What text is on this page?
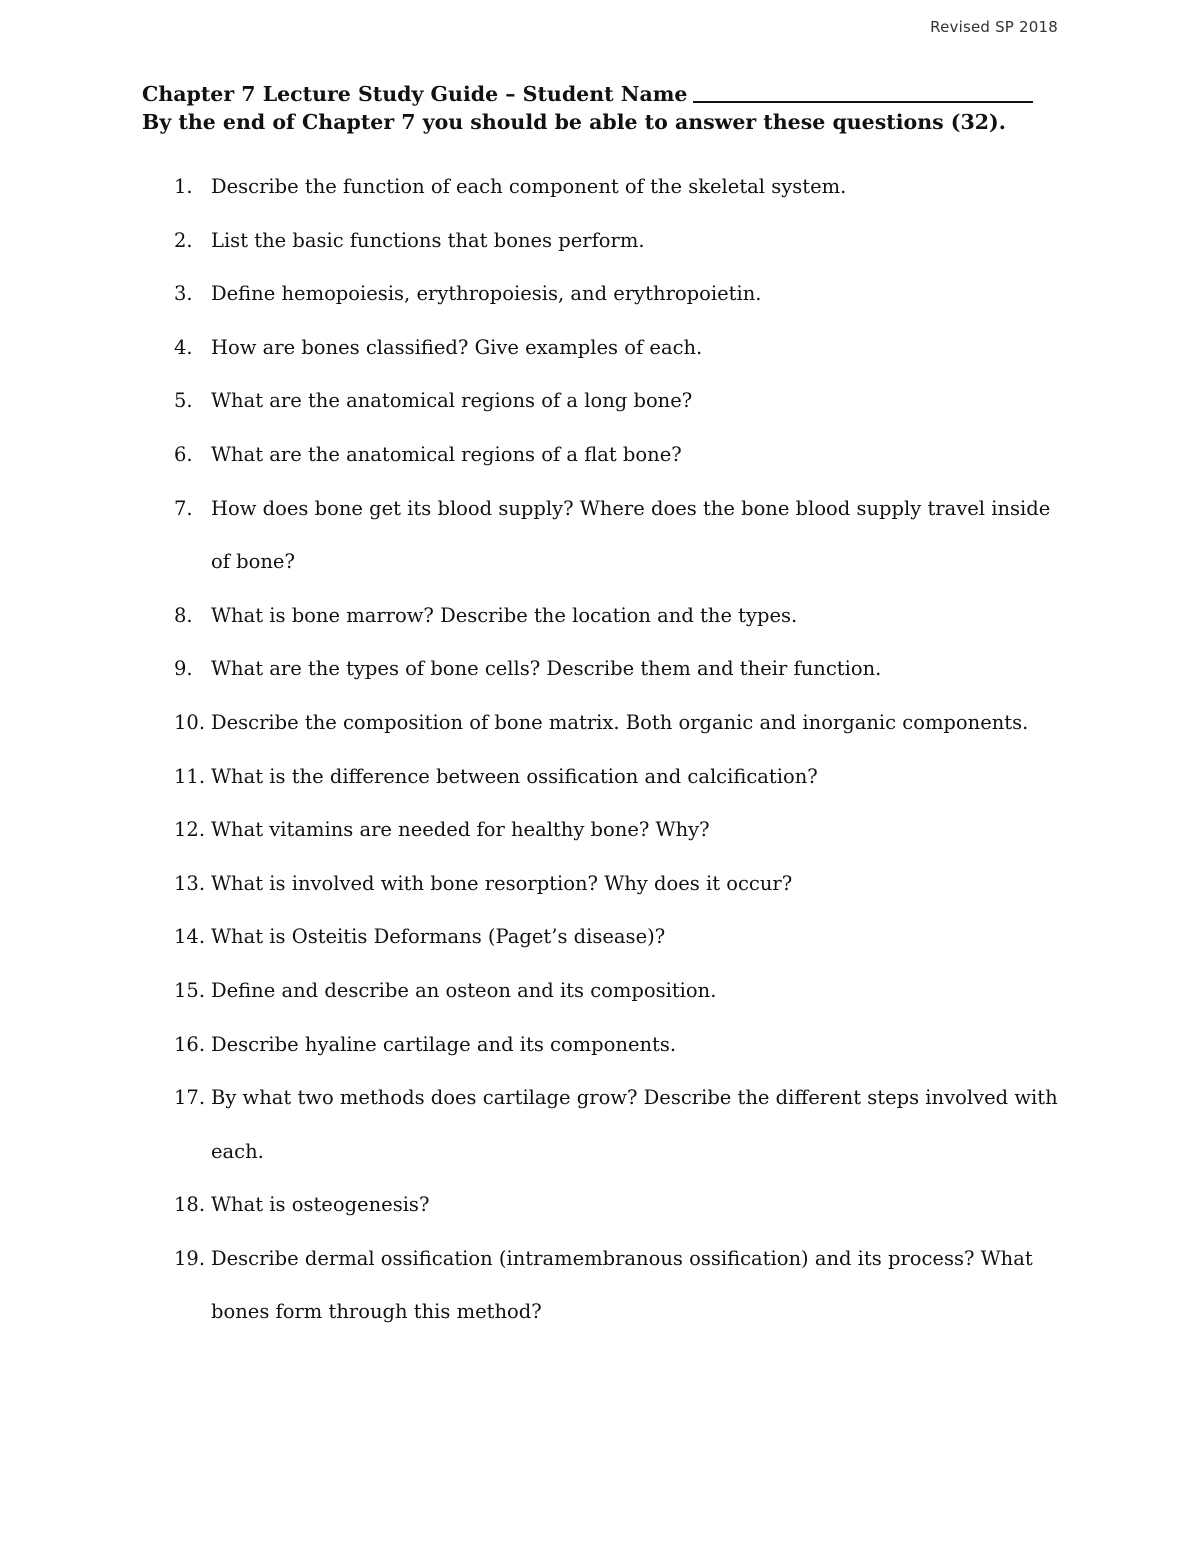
Revised SP 2018
Chapter 7 Lecture Study Guide – Student Name
By the end of Chapter 7 you should be able to answer these questions (32).
1. Describe the function of each component of the skeletal system.
2. List the basic functions that bones perform.
3. Define hemopoiesis, erythropoiesis, and erythropoietin.
4. How are bones classified? Give examples of each.
5. What are the anatomical regions of a long bone?
6. What are the anatomical regions of a flat bone?
7. How does bone get its blood supply? Where does the bone blood supply travel inside of bone?
8. What is bone marrow? Describe the location and the types.
9. What are the types of bone cells? Describe them and their function.
10. Describe the composition of bone matrix. Both organic and inorganic components.
11. What is the difference between ossification and calcification?
12. What vitamins are needed for healthy bone? Why?
13. What is involved with bone resorption? Why does it occur?
14. What is Osteitis Deformans (Paget’s disease)?
15. Define and describe an osteon and its composition.
16. Describe hyaline cartilage and its components.
17. By what two methods does cartilage grow? Describe the different steps involved with each.
18. What is osteogenesis?
19. Describe dermal ossification (intramembranous ossification) and its process? What bones form through this method?
